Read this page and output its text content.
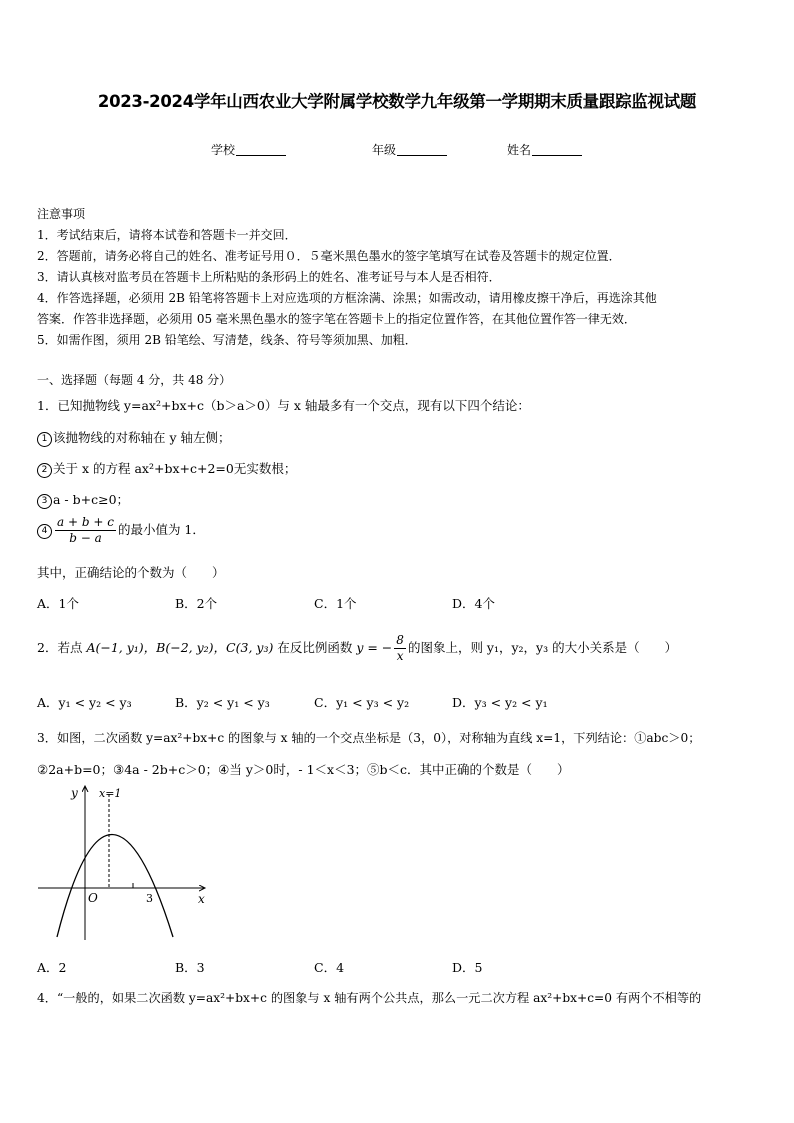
2023-2024学年山西农业大学附属学校数学九年级第一学期期末质量跟踪监视试题
学校	年级	姓名
注意事项
1．考试结束后，请将本试卷和答题卡一并交回．
2．答题前，请务必将自己的姓名、准考证号用０．５毫米黑色墨水的签字笔填写在试卷及答题卡的规定位置．
3．请认真核对监考员在答题卡上所粘贴的条形码上的姓名、准考证号与本人是否相符．
4．作答选择题，必须用 2B 铅笔将答题卡上对应选项的方框涂满、涂黑；如需改动，请用橡皮擦干净后，再选涂其他
答案．作答非选择题，必须用 05 毫米黑色墨水的签字笔在答题卡上的指定位置作答，在其他位置作答一律无效．
5．如需作图，须用 2B 铅笔绘、写清楚，线条、符号等须加黑、加粗．
一、选择题（每题 4 分，共 48 分）
1．已知抛物线 y=ax²+bx+c（b＞a＞0）与 x 轴最多有一个交点，现有以下四个结论：
1 该抛物线的对称轴在 y 轴左侧；
2 关于 x 的方程 ax²+bx+c+2=0无实数根；
3 a - b+c≥0；
$4 \frac{a + b + c}{b - a}$ 的最小值为 1．
其中，正确结论的个数为（　　）
A．1个	B．2个	C．1个	D．4个
2．若点 A(−1, y₁)，B(−2, y₂)，C(3, y₃) 在反比例函数 y = − $\frac{8}{x}$ 的图象上，则 y₁，y₂，y₃ 的大小关系是（　　）
A．y₁ < y₂ < y₃	B．y₂ < y₁ < y₃	C．y₁ < y₃ < y₂	D．y₃ < y₂ < y₁
3．如图，二次函数 y=ax²+bx+c 的图象与 x 轴的一个交点坐标是（3，0），对称轴为直线 x=1，下列结论：①abc＞0；
②2a+b=0；③4a - 2b+c＞0；④当 y＞0时，- 1＜x＜3；⑤b＜c．其中正确的个数是（　　）
y x=1
O	3	x
A．2	B．3	C．4	D．5
4．“一般的，如果二次函数 y=ax²+bx+c 的图象与 x 轴有两个公共点，那么一元二次方程 ax²+bx+c=0 有两个不相等的
